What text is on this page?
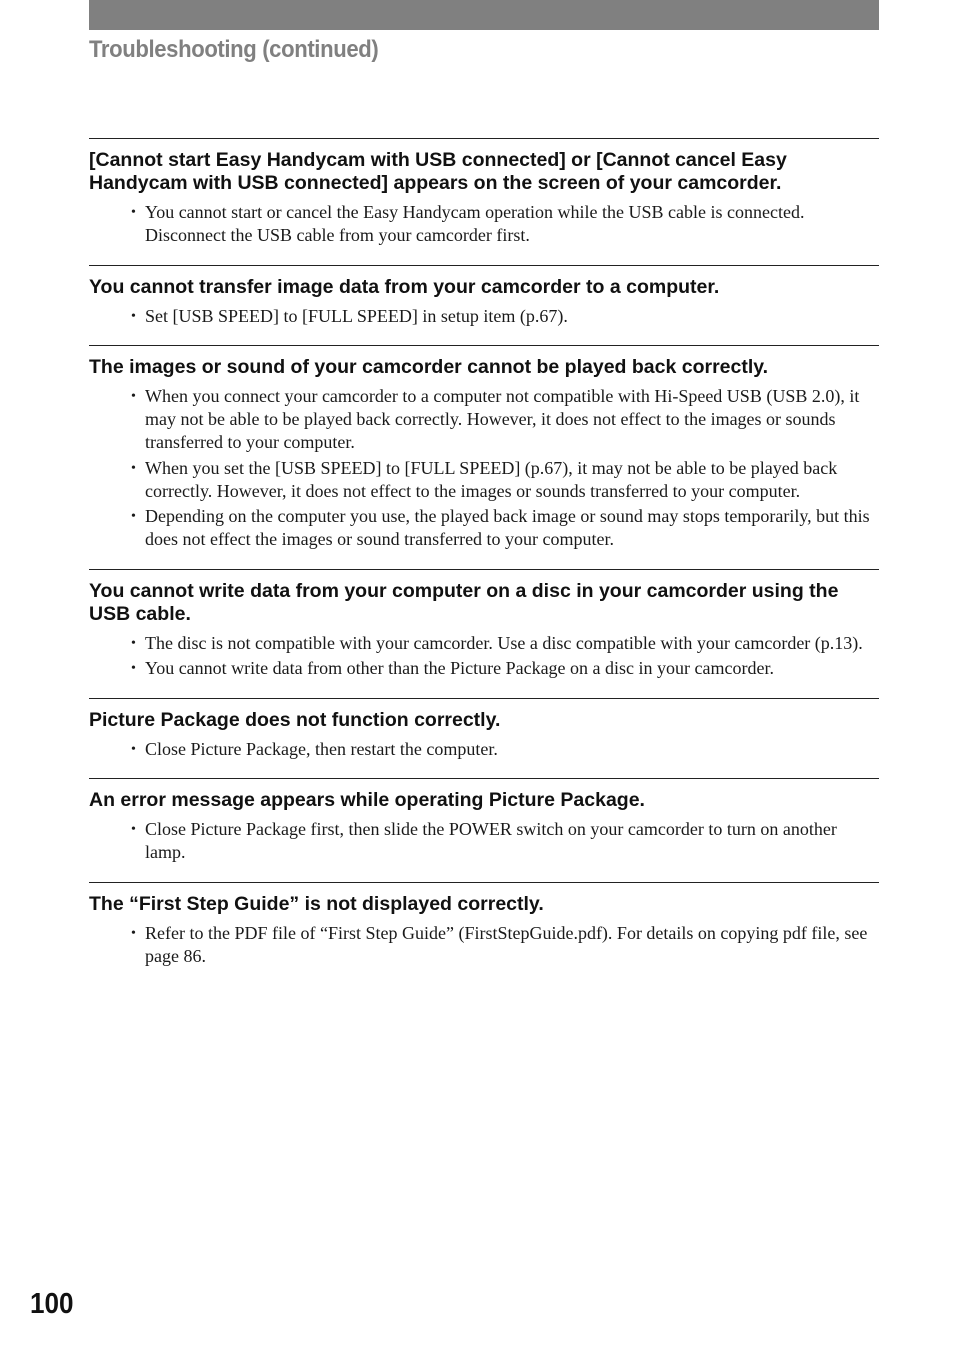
Troubleshooting (continued)
[Cannot start Easy Handycam with USB connected] or [Cannot cancel Easy Handycam with USB connected] appears on the screen of your camcorder.
• You cannot start or cancel the Easy Handycam operation while the USB cable is connected. Disconnect the USB cable from your camcorder first.
You cannot transfer image data from your camcorder to a computer.
• Set [USB SPEED] to [FULL SPEED] in setup item (p.67).
The images or sound of your camcorder cannot be played back correctly.
• When you connect your camcorder to a computer not compatible with Hi-Speed USB (USB 2.0), it may not be able to be played back correctly. However, it does not effect to the images or sounds transferred to your computer.
• When you set the [USB SPEED] to [FULL SPEED] (p.67), it may not be able to be played back correctly. However, it does not effect to the images or sounds transferred to your computer.
• Depending on the computer you use, the played back image or sound may stops temporarily, but this does not effect the images or sound transferred to your computer.
You cannot write data from your computer on a disc in your camcorder using the USB cable.
• The disc is not compatible with your camcorder. Use a disc compatible with your camcorder (p.13).
• You cannot write data from other than the Picture Package on a disc in your camcorder.
Picture Package does not function correctly.
• Close Picture Package, then restart the computer.
An error message appears while operating Picture Package.
• Close Picture Package first, then slide the POWER switch on your camcorder to turn on another lamp.
The “First Step Guide” is not displayed correctly.
• Refer to the PDF file of “First Step Guide” (FirstStepGuide.pdf). For details on copying pdf file, see page 86.
100
